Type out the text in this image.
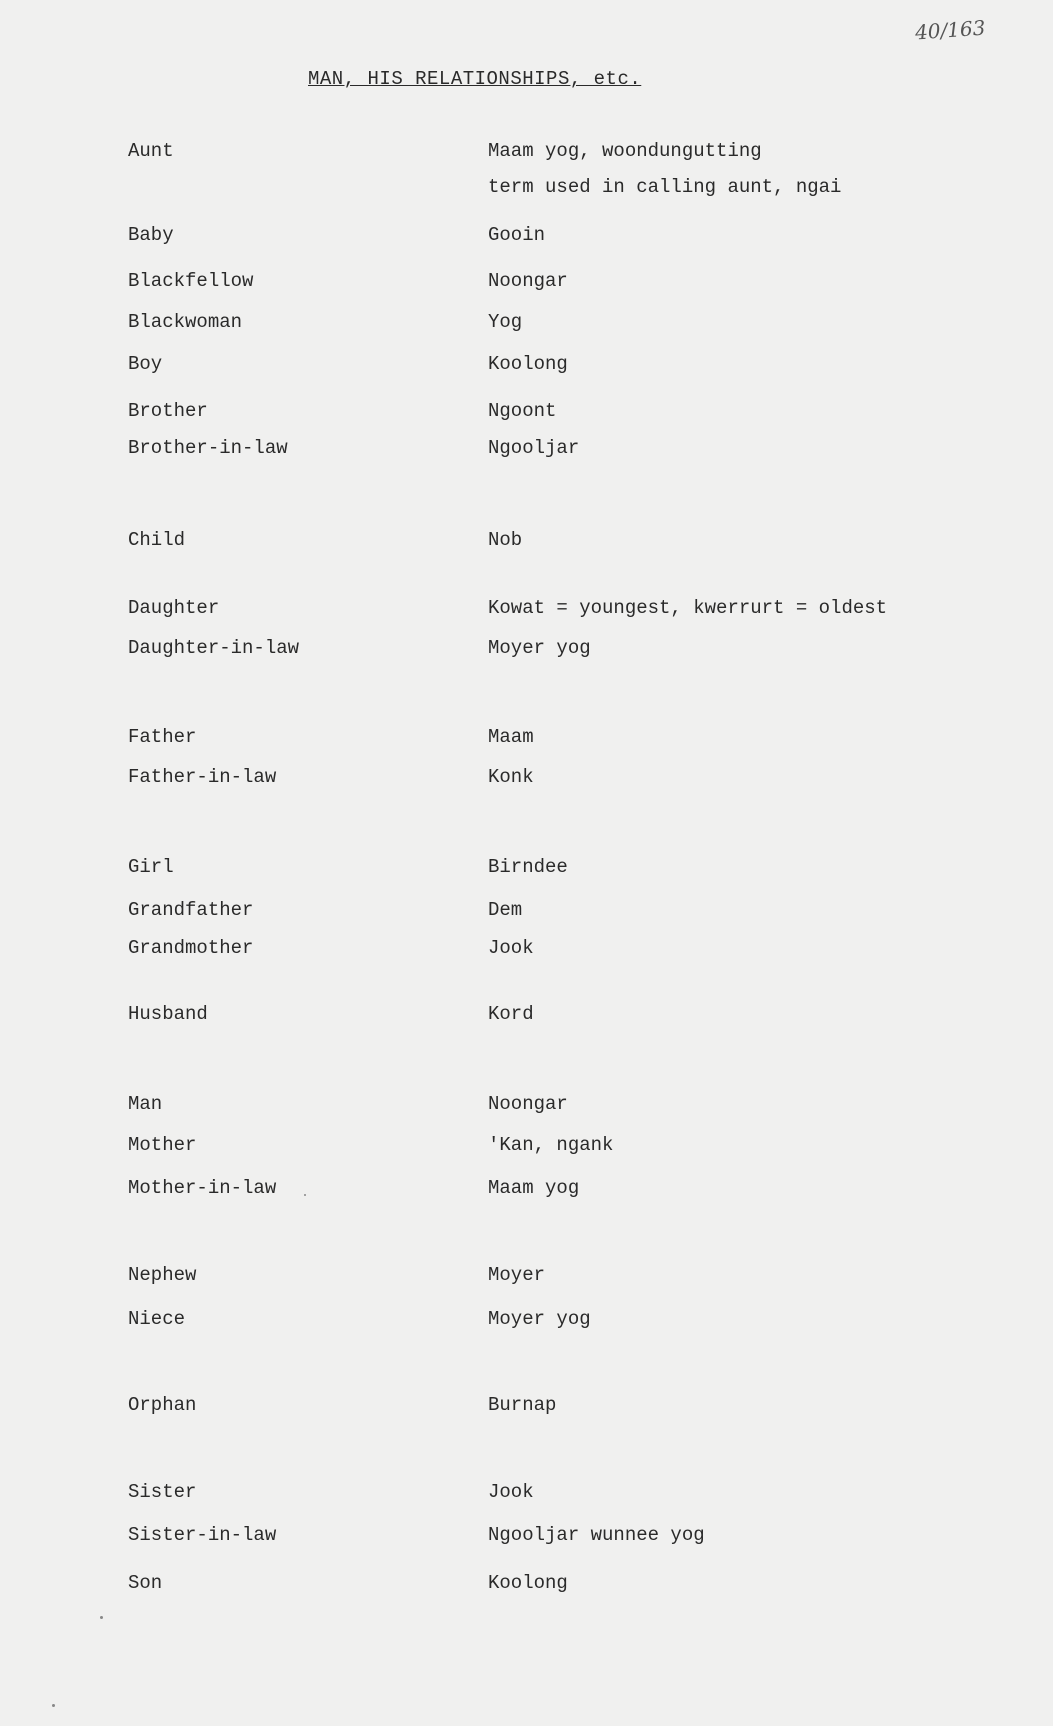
40/163
MAN, HIS RELATIONSHIPS, etc.
Aunt	Maam yog, woondungutting
term used in calling aunt, ngai
Baby	Gooin
Blackfellow	Noongar
Blackwoman	Yog
Boy	Koolong
Brother	Ngoont
Brother-in-law	Ngooljar
Child	Nob
Daughter	Kowat = youngest, kwerrurt = oldest
Daughter-in-law	Moyer yog
Father	Maam
Father-in-law	Konk
Girl	Birndee
Grandfather	Dem
Grandmother	Jook
Husband	Kord
Man	Noongar
Mother	'Kan, ngank
Mother-in-law	Maam yog
Nephew	Moyer
Niece	Moyer yog
Orphan	Burnap
Sister	Jook
Sister-in-law	Ngooljar wunnee yog
Son	Koolong
